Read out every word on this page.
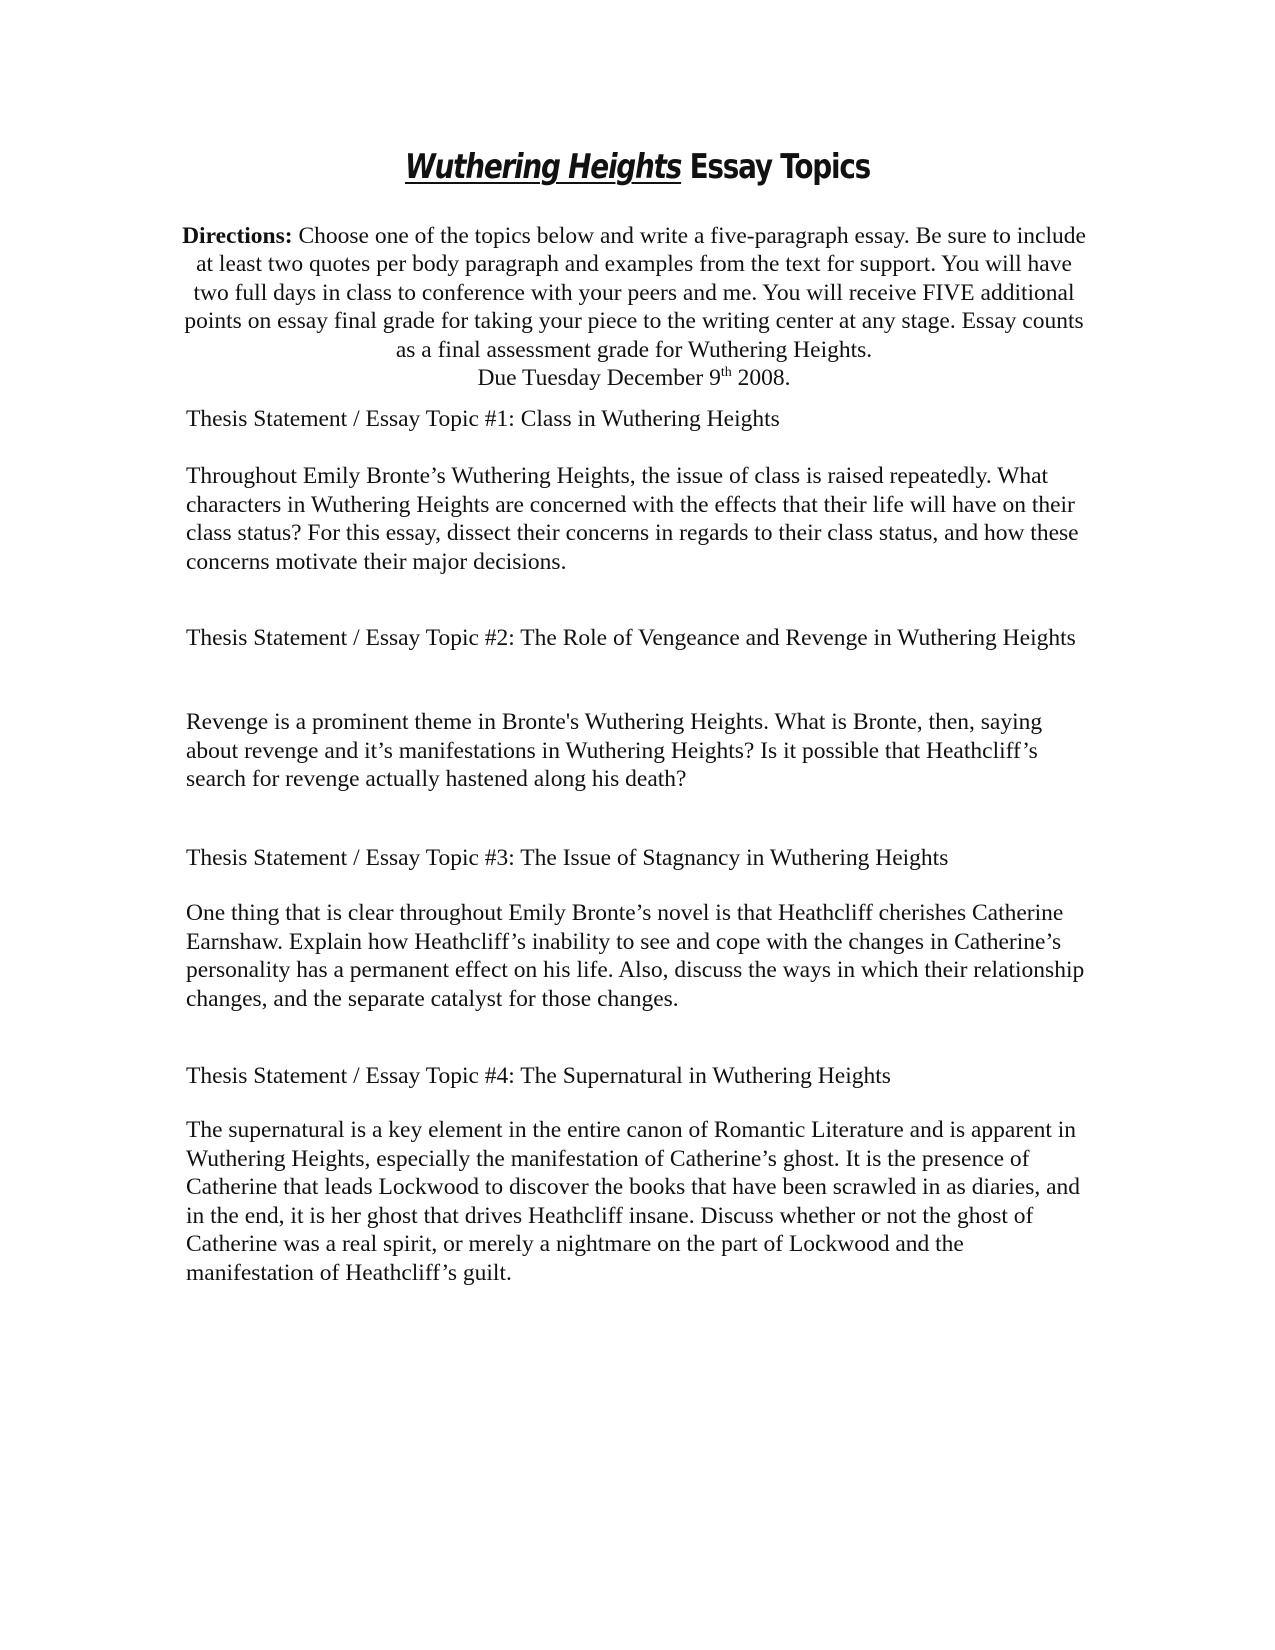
Wuthering Heights Essay Topics
Directions: Choose one of the topics below and write a five-paragraph essay. Be sure to include at least two quotes per body paragraph and examples from the text for support. You will have two full days in class to conference with your peers and me. You will receive FIVE additional points on essay final grade for taking your piece to the writing center at any stage. Essay counts as a final assessment grade for Wuthering Heights.
Due Tuesday December 9th 2008.

Thesis Statement / Essay Topic #1: Class in Wuthering Heights

Throughout Emily Bronte’s Wuthering Heights, the issue of class is raised repeatedly. What characters in Wuthering Heights are concerned with the effects that their life will have on their class status? For this essay, dissect their concerns in regards to their class status, and how these concerns motivate their major decisions.

Thesis Statement / Essay Topic #2: The Role of Vengeance and Revenge in Wuthering Heights

Revenge is a prominent theme in Bronte's Wuthering Heights. What is Bronte, then, saying about revenge and it’s manifestations in Wuthering Heights? Is it possible that Heathcliff’s search for revenge actually hastened along his death?

Thesis Statement / Essay Topic #3: The Issue of Stagnancy in Wuthering Heights

One thing that is clear throughout Emily Bronte’s novel is that Heathcliff cherishes Catherine Earnshaw. Explain how Heathcliff’s inability to see and cope with the changes in Catherine’s personality has a permanent effect on his life. Also, discuss the ways in which their relationship changes, and the separate catalyst for those changes.

Thesis Statement / Essay Topic #4: The Supernatural in Wuthering Heights

The supernatural is a key element in the entire canon of Romantic Literature and is apparent in Wuthering Heights, especially the manifestation of Catherine’s ghost. It is the presence of Catherine that leads Lockwood to discover the books that have been scrawled in as diaries, and in the end, it is her ghost that drives Heathcliff insane. Discuss whether or not the ghost of Catherine was a real spirit, or merely a nightmare on the part of Lockwood and the manifestation of Heathcliff’s guilt.
